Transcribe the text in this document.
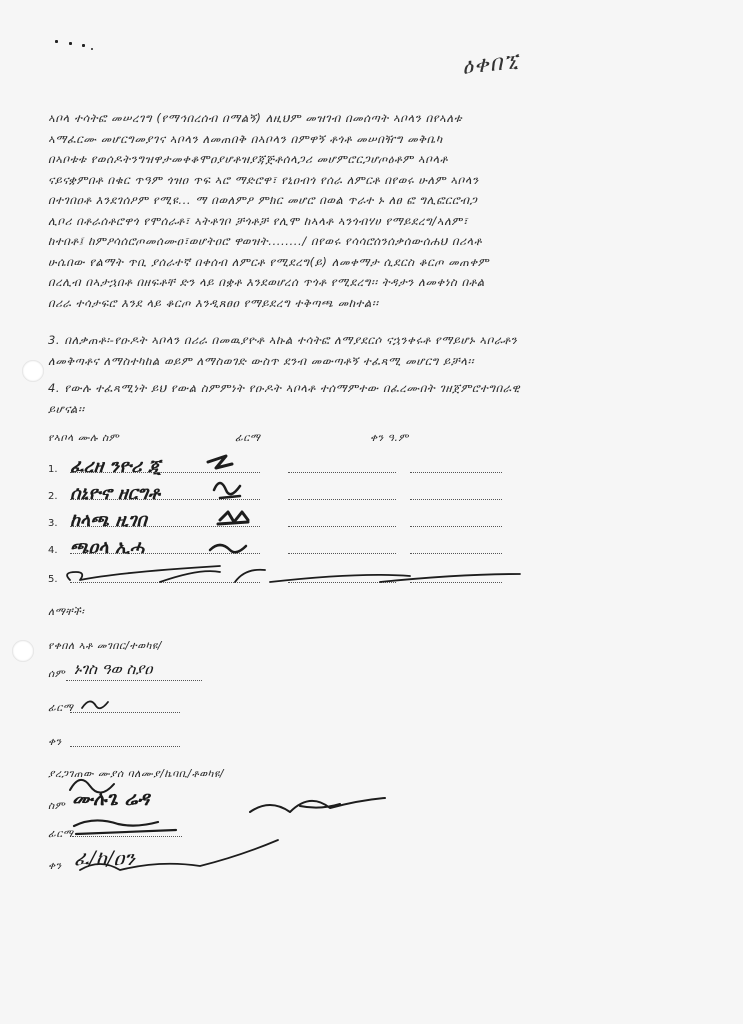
ዕቀበኚ
ኣቦላ ተሳትፎ መሠረገግ (የማኅበረሰብ በማልኝ) ለዚህም መዝገብ በመሰጣት ኣቦላን በየኣለቱ
ኣማፈርሙ መሆርግመያገና ኣቦላን ለመጠበቅ በኣቦላን በምዋኝ ቶጎቶ መሠበዥግ መቅቤካ
በኣቦቱቱ የወሰዶትንግዝዋታመቀቆሞዐያሆቶዝያጃጅቶሰላጋሪ መሆምሮርጋሆጦዕቶም ኣቦላቶ
ናይናቋምበቶ በቁር ጥዓም ጎዝዐ ጥፍ ኣሮ ማድሮዋ፣ የኒዐብጎ የሰራ ለምርቶ በየወሩ ሁለም ኣቦላን
በተገበዐቶ እንደገሰዖም የሚዩ... ማ በወለምዖ ምክር መሆሮ በወል ጥራተ ኑ ለፀ ፎ ግሊፎርሮብጋ
ሊቦሪ በቶራሰቶሮዋጎ የሞሰራቶ፣ ኣትቶገቦ ቻጎቶቻ የሊሞ ከኣላቶ ኣንጎብሃሀ የማይደረግ/ኣለም፣
ከተበቶ፤ ከምዖሳሰሮጦመሰሙዐ፣ወሆትዐሮ ዋወዝት......../ በየወሩ የሳሳሮሰንሰቃሰውሰሐህ በሪላቶ
ሁሴበው የልማት ጥቢ ያሰራተኛ በቀሰብ ለምርቶ የሚደረግ(ይ) ለመቀማታ ሲደርስ ቆርጦ መጠቀም
በረሊብ በኣታኋበቶ በዘፍቶቸ ድን ላይ በቋቶ እንደወሆረሰ ጥጎቶ የሚደረግ፡፡ ትዳታን ለመቀነስ በቶል
በሪራ ተሳታፍሮ እንደ ላይ ቆርጦ እንዲጸፀዐ የማይደረግ ተቅጣጫ መከተል፡፡
3. በለቃጠቶ፡-የዑዶት ኣቦላን በሪራ በመዉያዮቶ ኣኩል ተሳትፎ ለማያደርሶ ናኋንቀሩቶ የማይሆኑ ኣቦራቶን
ለመቅጣቶና ለማስተካከል ወይም ለማስወገድ ውስጥ ደንብ መውጣቶኝ ተፈጻሚ መሆርግ ይቻላ፡፡
4. የውሉ ተፈጻሚነት ይህ የውል ስምምነት የዑዶት ኣቦላቶ ተሰማምተው በፈረሙበት ገዘጀምሮተግበራዊ
ይሆናል፡፡
የኣቦላ ሙሉ ስም	ፊርማ	ቀን ዓ.ም
1. ፈረዘ ንዮሪ ጂ
2. ሰኒዮኖ ዘርግቶ
3. ከላጫ ዚገበ
4. ጫዐላ ኢሓ
5.
ለማቸች፡
የቀበለ ኣቶ መገበር/ተወካዩ/
ሰም ኑገስ ዓወ ስያዐ
ፊርማ
ቀን
ያረጋገጠው ሙያሰ ባለሙያ/ኬባቢ/ቶወካዩ/
ስም ሙሉጌ ሬዳ
ፊርማ
ቀን ፈ/ከ/ዐን
